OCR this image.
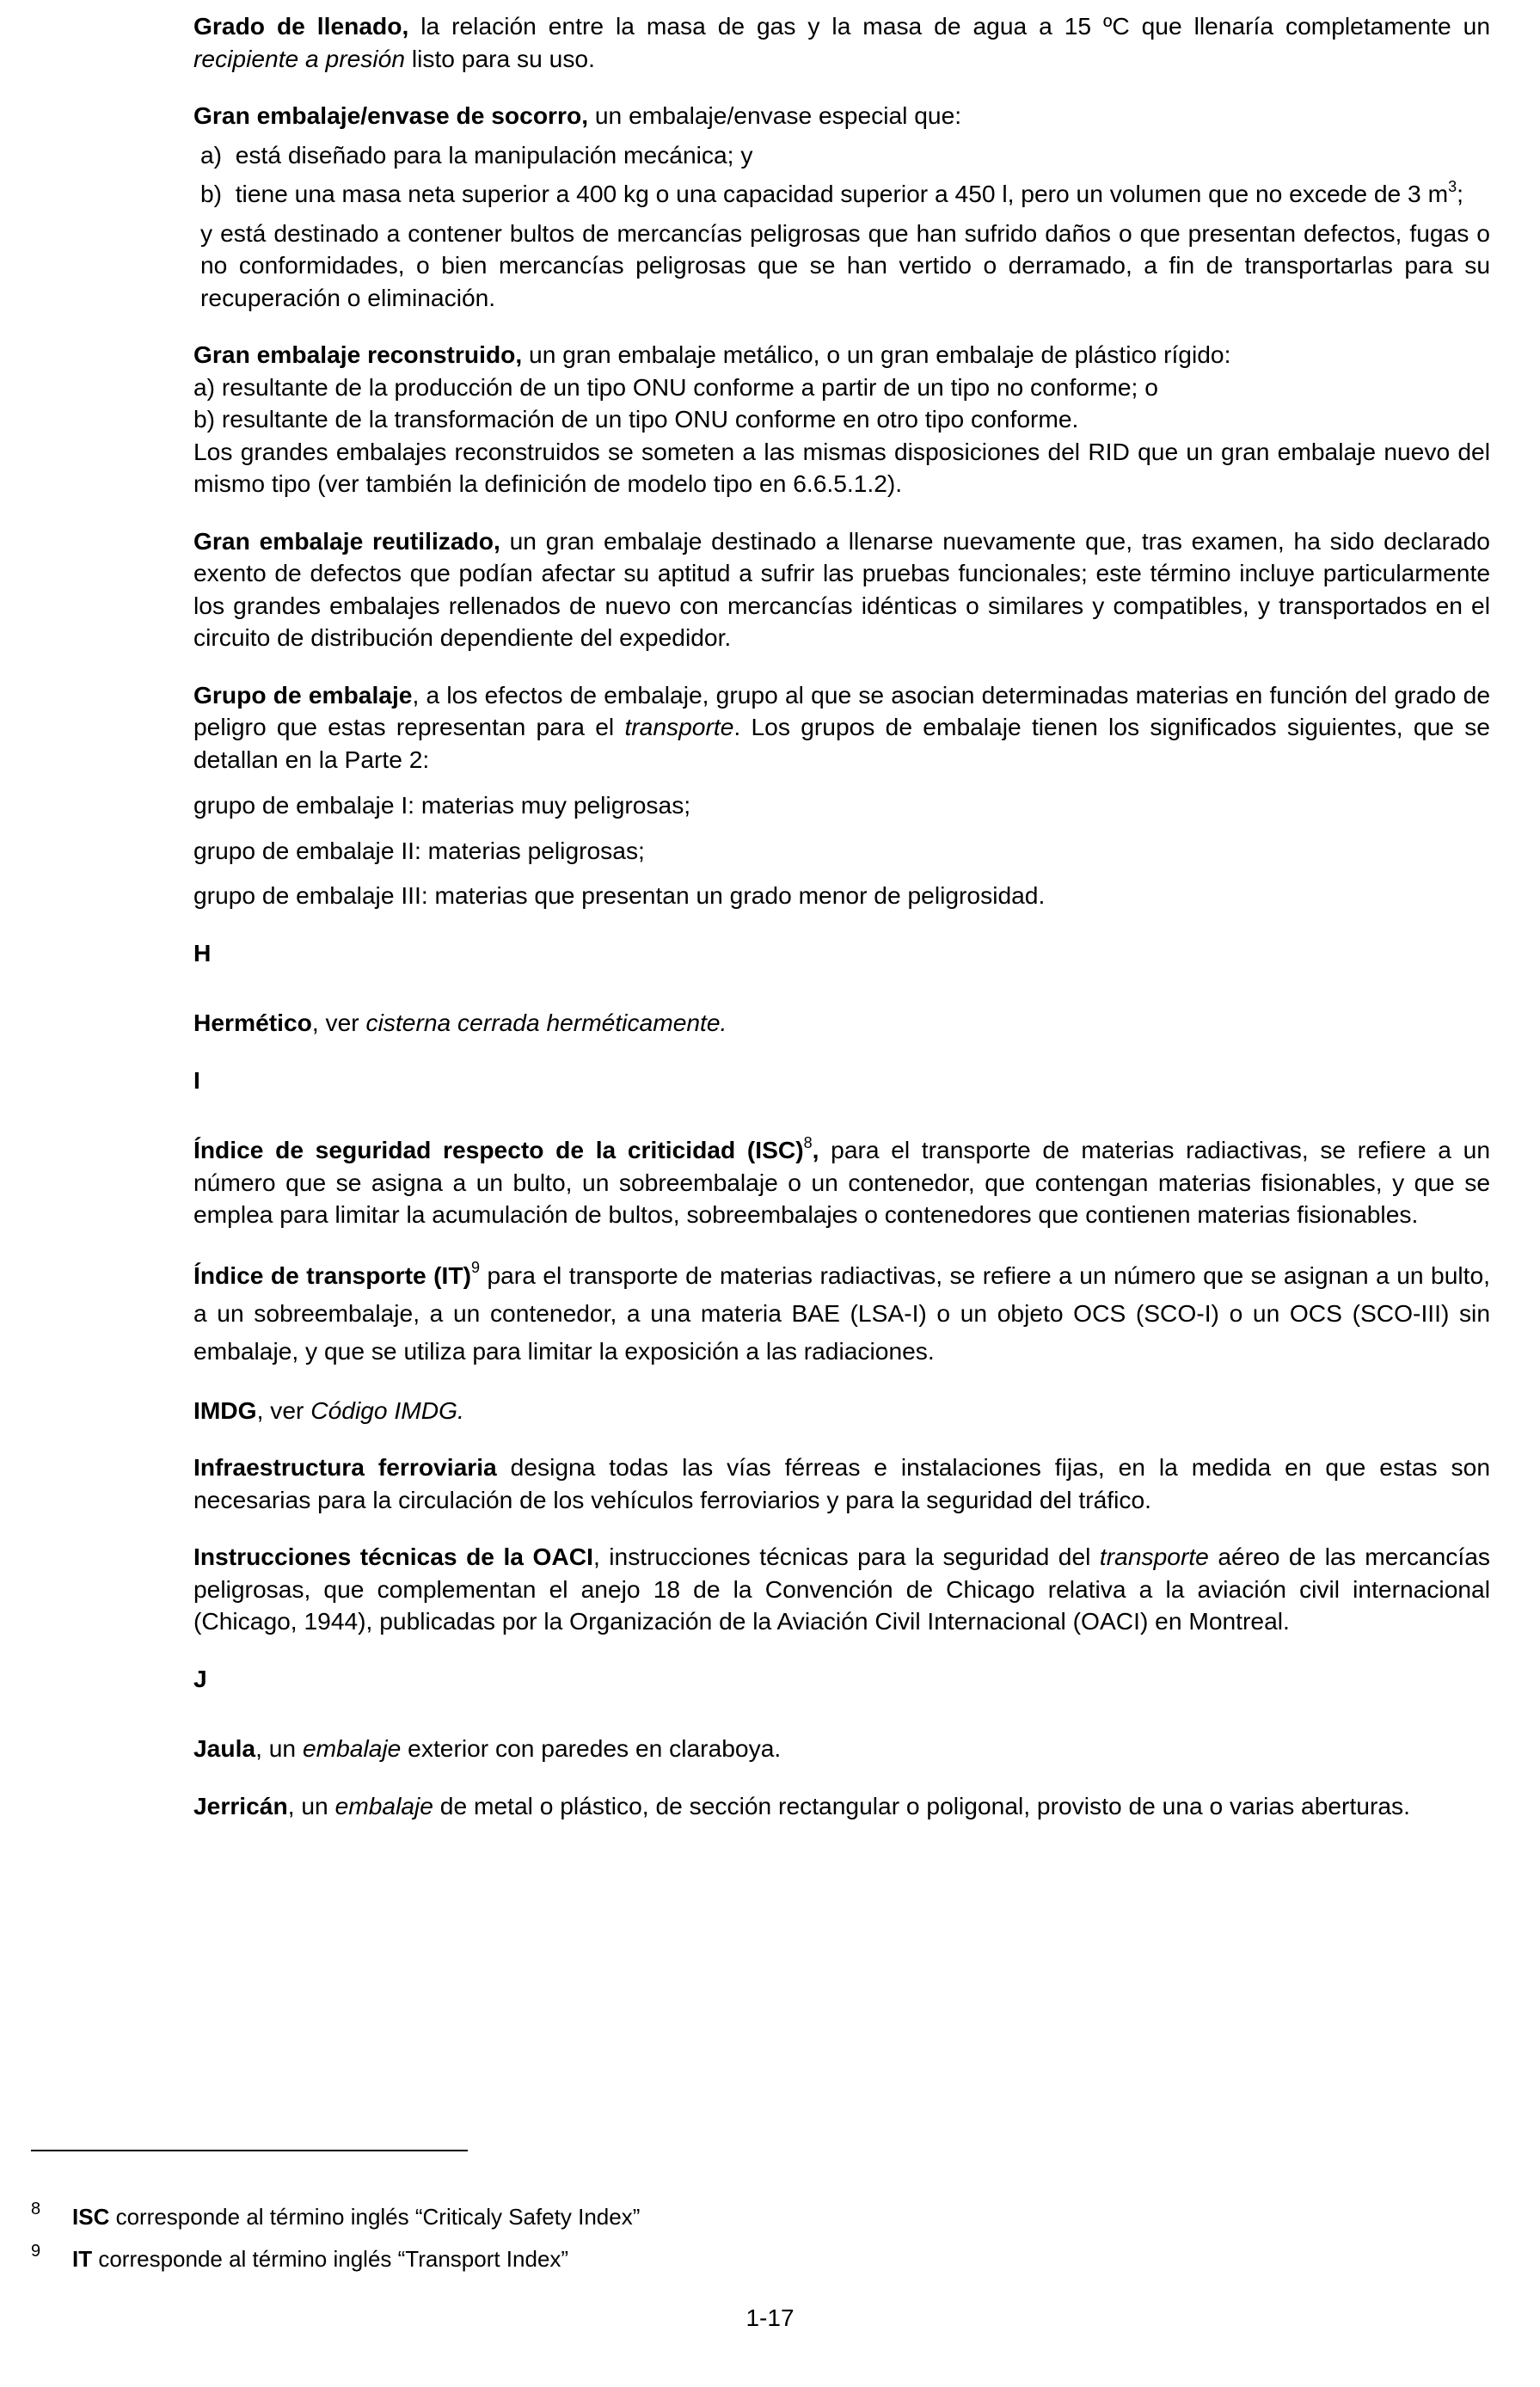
Grado de llenado, la relación entre la masa de gas y la masa de agua a 15 ºC que llenaría completamente un recipiente a presión listo para su uso.

Gran embalaje/envase de socorro, un embalaje/envase especial que:

a)  está diseñado para la manipulación mecánica; y

b)  tiene una masa neta superior a 400 kg o una capacidad superior a 450 l, pero un volumen que no excede de 3 $m^3$;

y está destinado a contener bultos de mercancías peligrosas que han sufrido daños o que presentan defectos, fugas o no conformidades, o bien mercancías peligrosas que se han vertido o derramado, a fin de transportarlas para su recuperación o eliminación.

Gran embalaje reconstruido, un gran embalaje metálico, o un gran embalaje de plástico rígido:
a) resultante de la producción de un tipo ONU conforme a partir de un tipo no conforme; o
b) resultante de la transformación de un tipo ONU conforme en otro tipo conforme.
Los grandes embalajes reconstruidos se someten a las mismas disposiciones del RID que un gran embalaje nuevo del mismo tipo (ver también la definición de modelo tipo en 6.6.5.1.2).

Gran embalaje reutilizado, un gran embalaje destinado a llenarse nuevamente que, tras examen, ha sido declarado exento de defectos que podían afectar su aptitud a sufrir las pruebas funcionales; este término incluye particularmente los grandes embalajes rellenados de nuevo con mercancías idénticas o similares y compatibles, y transportados en el circuito de distribución dependiente del expedidor.

Grupo de embalaje, a los efectos de embalaje, grupo al que se asocian determinadas materias en función del grado de peligro que estas representan para el transporte. Los grupos de embalaje tienen los significados siguientes, que se detallan en la Parte 2:

grupo de embalaje I: materias muy peligrosas;

grupo de embalaje II: materias peligrosas;

grupo de embalaje III: materias que presentan un grado menor de peligrosidad.

H

Hermético, ver cisterna cerrada herméticamente.

I

Índice de seguridad respecto de la criticidad (ISC)$^8$, para el transporte de materias radiactivas, se refiere a un número que se asigna a un bulto, un sobreembalaje o un contenedor, que contengan materias fisionables, y que se emplea para limitar la acumulación de bultos, sobreembalajes o contenedores que contienen materias fisionables.

Índice de transporte (IT)$^9$ para el transporte de materias radiactivas, se refiere a un número que se asignan a un bulto, a un sobreembalaje, a un contenedor, a una materia BAE (LSA-I) o un objeto OCS (SCO-I) o un OCS (SCO-III) sin embalaje, y que se utiliza para limitar la exposición a las radiaciones.

IMDG, ver Código IMDG.

Infraestructura ferroviaria designa todas las vías férreas e instalaciones fijas, en la medida en que estas son necesarias para la circulación de los vehículos ferroviarios y para la seguridad del tráfico.

Instrucciones técnicas de la OACI, instrucciones técnicas para la seguridad del transporte aéreo de las mercancías peligrosas, que complementan el anejo 18 de la Convención de Chicago relativa a la aviación civil internacional (Chicago, 1944), publicadas por la Organización de la Aviación Civil Internacional (OACI) en Montreal.

J

Jaula, un embalaje exterior con paredes en claraboya.

Jerricán, un embalaje de metal o plástico, de sección rectangular o poligonal, provisto de una o varias aberturas.

8 ISC corresponde al término inglés “Criticaly Safety Index”
9 IT corresponde al término inglés “Transport Index”
1-17
